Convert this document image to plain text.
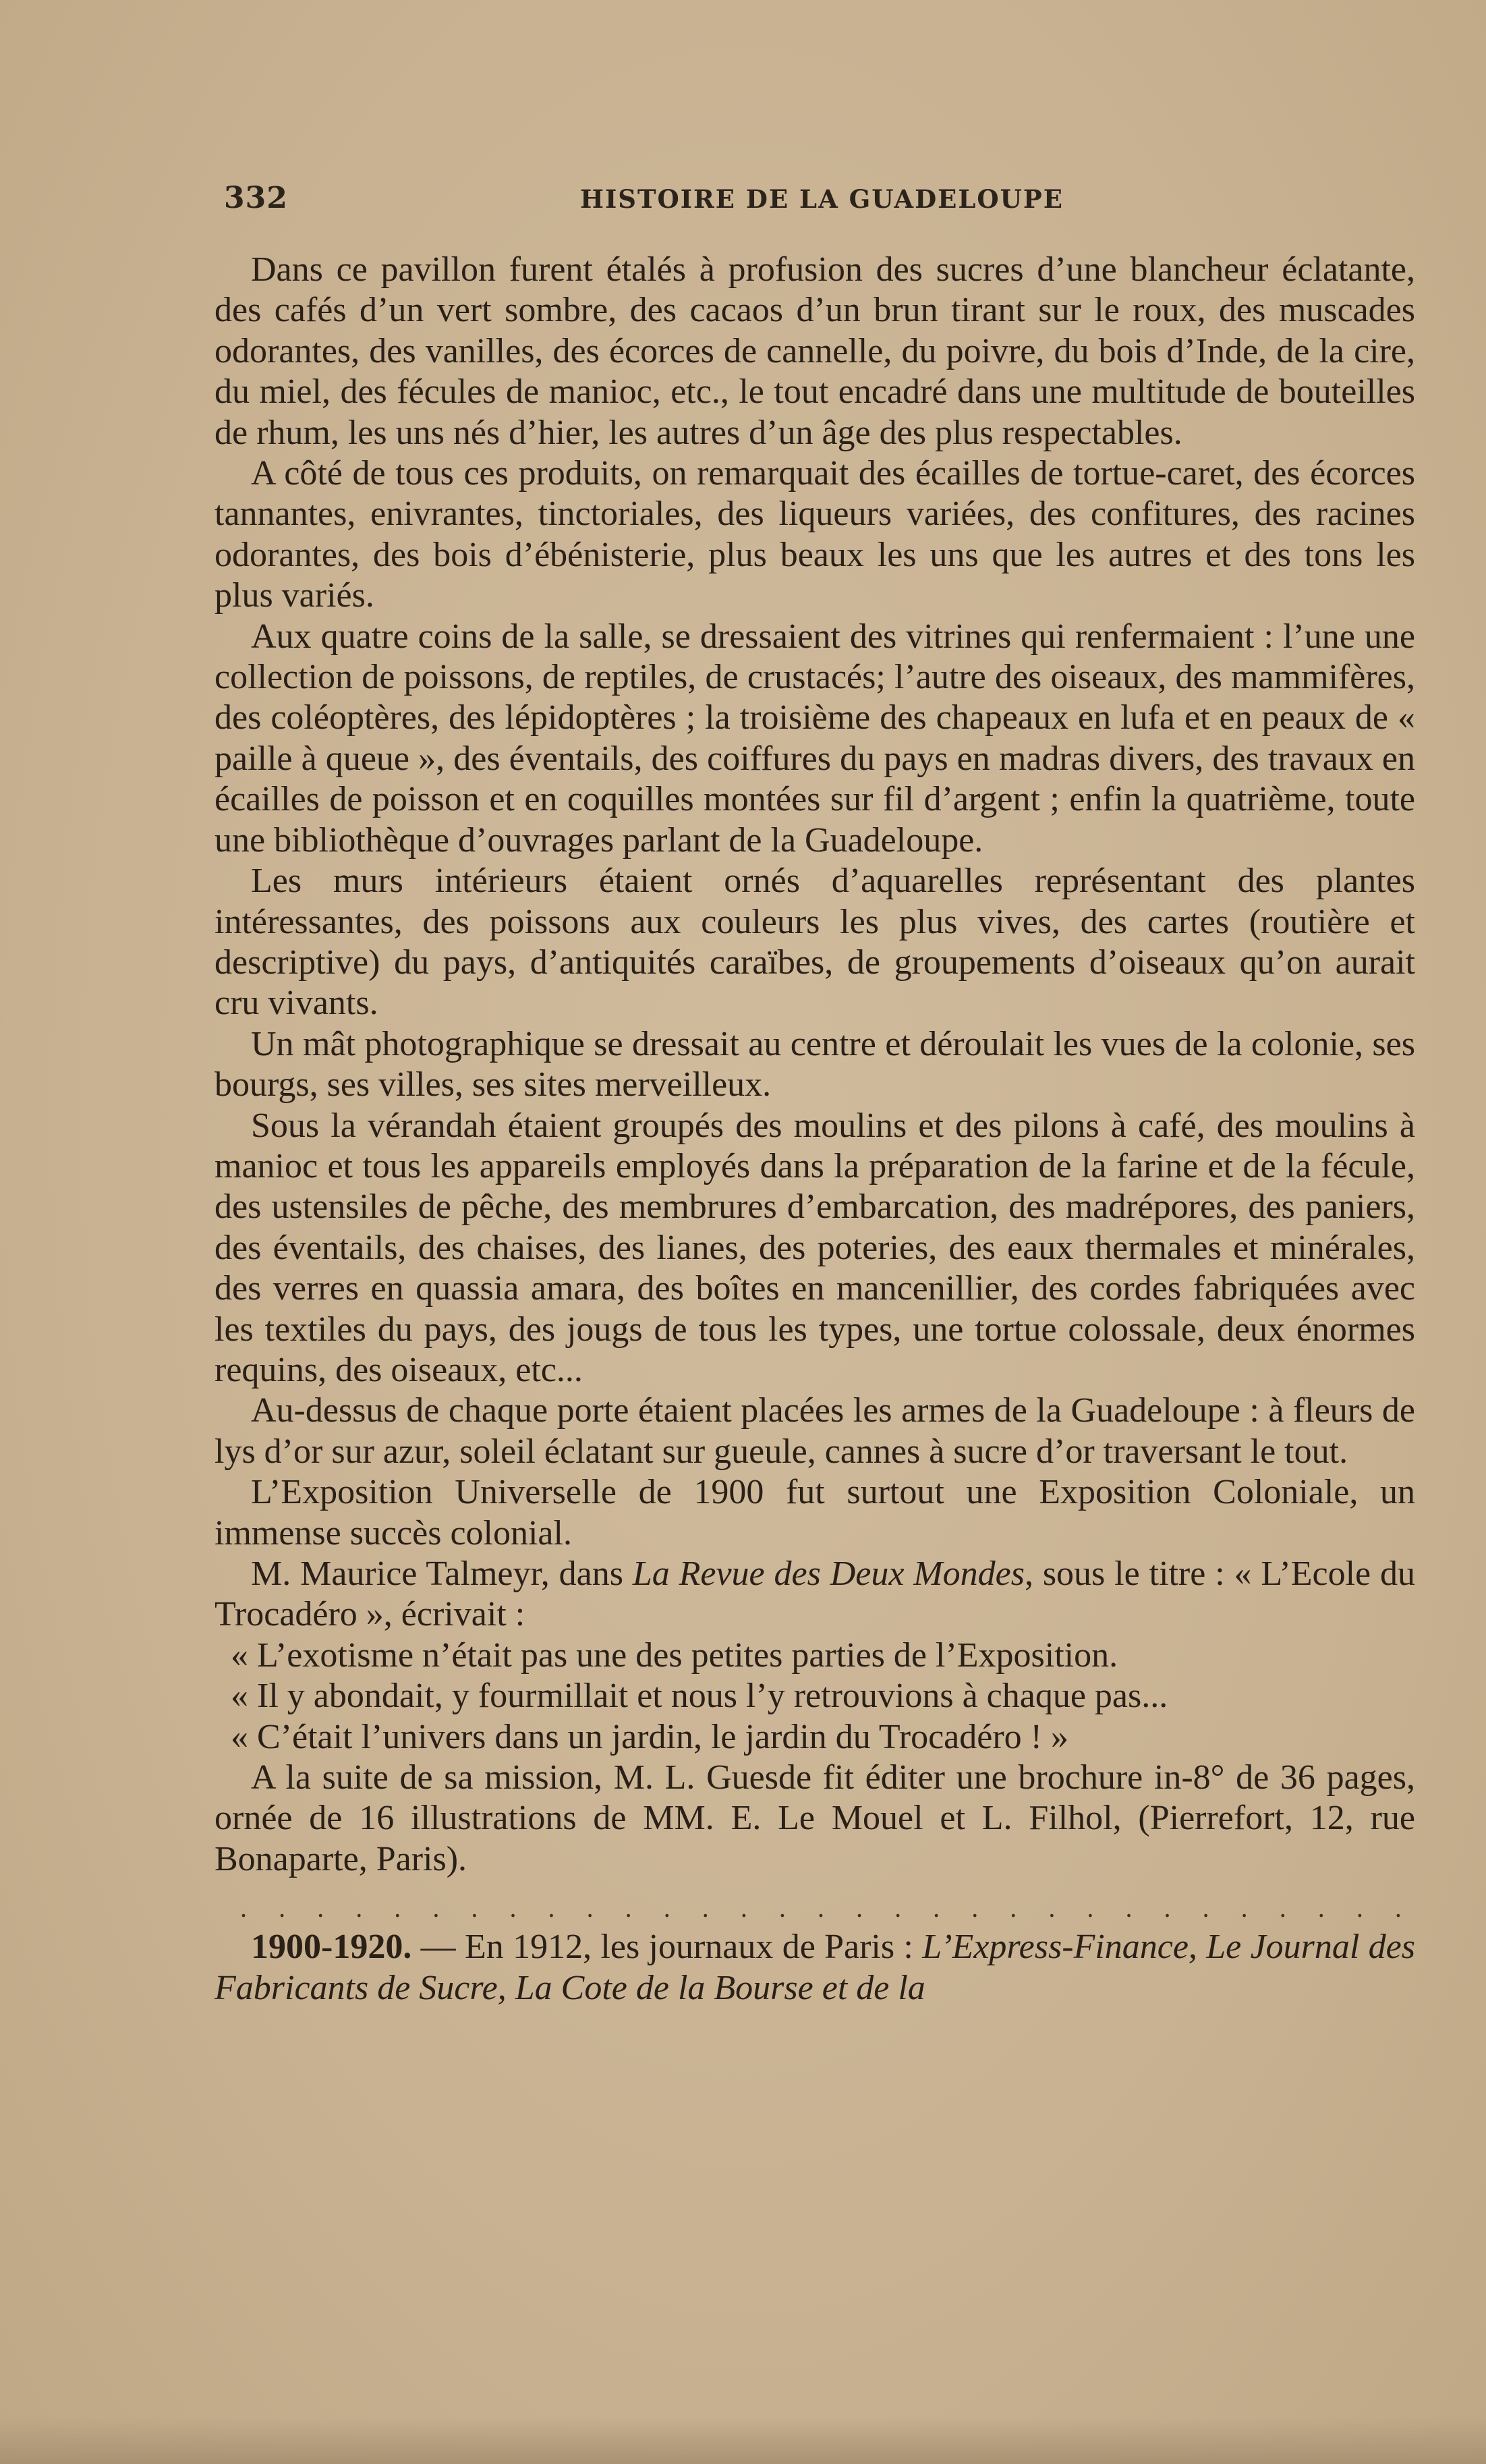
332	HISTOIRE DE LA GUADELOUPE

Dans ce pavillon furent étalés à profusion des sucres d’une blancheur éclatante, des cafés d’un vert sombre, des cacaos d’un brun tirant sur le roux, des muscades odorantes, des vanilles, des écorces de cannelle, du poivre, du bois d’Inde, de la cire, du miel, des fécules de manioc, etc., le tout encadré dans une multitude de bouteilles de rhum, les uns nés d’hier, les autres d’un âge des plus respectables.

A côté de tous ces produits, on remarquait des écailles de tortue-caret, des écorces tannantes, enivrantes, tinctoriales, des liqueurs variées, des confitures, des racines odorantes, des bois d’ébénisterie, plus beaux les uns que les autres et des tons les plus variés.

Aux quatre coins de la salle, se dressaient des vitrines qui renfermaient : l’une une collection de poissons, de reptiles, de crustacés; l’autre des oiseaux, des mammifères, des coléoptères, des lépidoptères ; la troisième des chapeaux en lufa et en peaux de « paille à queue », des éventails, des coiffures du pays en madras divers, des travaux en écailles de poisson et en coquilles montées sur fil d’argent ; enfin la quatrième, toute une bibliothèque d’ouvrages parlant de la Guadeloupe.

Les murs intérieurs étaient ornés d’aquarelles représentant des plantes intéressantes, des poissons aux couleurs les plus vives, des cartes (routière et descriptive) du pays, d’antiquités caraïbes, de groupements d’oiseaux qu’on aurait cru vivants.

Un mât photographique se dressait au centre et déroulait les vues de la colonie, ses bourgs, ses villes, ses sites merveilleux.

Sous la vérandah étaient groupés des moulins et des pilons à café, des moulins à manioc et tous les appareils employés dans la préparation de la farine et de la fécule, des ustensiles de pêche, des membrures d’embarcation, des madrépores, des paniers, des éventails, des chaises, des lianes, des poteries, des eaux thermales et minérales, des verres en quassia amara, des boîtes en mancenillier, des cordes fabriquées avec les textiles du pays, des jougs de tous les types, une tortue colossale, deux énormes requins, des oiseaux, etc...

Au-dessus de chaque porte étaient placées les armes de la Guadeloupe : à fleurs de lys d’or sur azur, soleil éclatant sur gueule, cannes à sucre d’or traversant le tout.

L’Exposition Universelle de 1900 fut surtout une Exposition Coloniale, un immense succès colonial.

M. Maurice Talmeyr, dans La Revue des Deux Mondes, sous le titre : « L’Ecole du Trocadéro », écrivait :

« L’exotisme n’était pas une des petites parties de l’Exposition.

« Il y abondait, y fourmillait et nous l’y retrouvions à chaque pas...

« C’était l’univers dans un jardin, le jardin du Trocadéro ! »

A la suite de sa mission, M. L. Guesde fit éditer une brochure in-8° de 36 pages, ornée de 16 illustrations de MM. E. Le Mouel et L. Filhol, (Pierrefort, 12, rue Bonaparte, Paris).

. . . . . . . . . . . . . . . . . . . . . . . . . . . . . . .

1900-1920. — En 1912, les journaux de Paris : L’Express-Finance, Le Journal des Fabricants de Sucre, La Cote de la Bourse et de la
